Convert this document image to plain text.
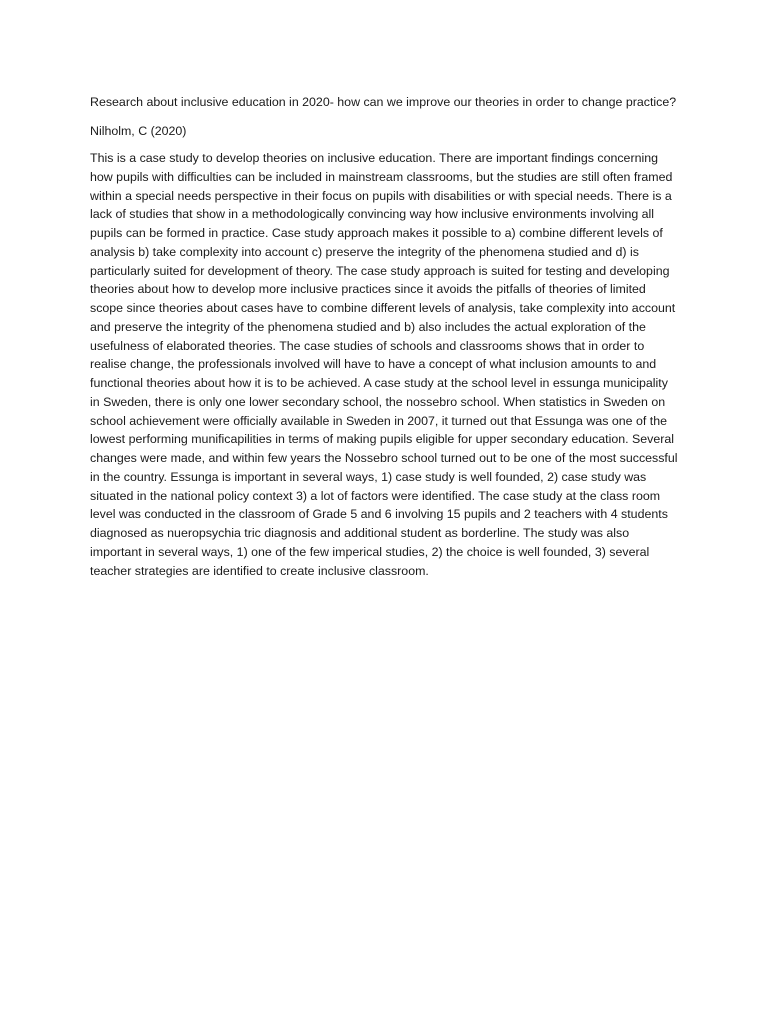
Research about inclusive education in 2020- how can we improve our theories in order to change practice?

Nilholm, C (2020)

This is a case study to develop theories on inclusive education. There are important findings concerning how pupils with difficulties can be included in mainstream classrooms, but the studies are still often framed within a special needs perspective in their focus on pupils with disabilities or with special needs. There is a lack of studies that show in a methodologically convincing way how inclusive environments involving all pupils can be formed in practice. Case study approach makes it possible to a) combine different levels of analysis b) take complexity into account c) preserve the integrity of the phenomena studied and d) is particularly suited for development of theory. The case study approach is suited for testing and developing theories about how to develop more inclusive practices since it avoids the pitfalls of theories of limited scope since theories about cases have to combine different levels of analysis, take complexity into account and preserve the integrity of the phenomena studied and b) also includes the actual exploration of the usefulness of elaborated theories. The case studies of schools and classrooms shows that in order to realise change, the professionals involved will have to have a concept of what inclusion amounts to and functional theories about how it is to be achieved. A case study at the school level in essunga municipality in Sweden, there is only one lower secondary school, the nossebro school. When statistics in Sweden on school achievement were officially available in Sweden in 2007, it turned out that Essunga was one of the lowest performing munificapilities in terms of making pupils eligible for upper secondary education. Several changes were made, and within few years the Nossebro school turned out to be one of the most successful in the country. Essunga is important in several ways, 1) case study is well founded, 2) case study was situated in the national policy context 3) a lot of factors were identified. The case study at the class room level was conducted in the classroom of Grade 5 and 6 involving 15 pupils and 2 teachers with 4 students diagnosed as nueropsychia tric diagnosis and additional student as borderline. The study was also important in several ways, 1) one of the few imperical studies, 2) the choice is well founded, 3) several teacher strategies are identified to create inclusive classroom.
